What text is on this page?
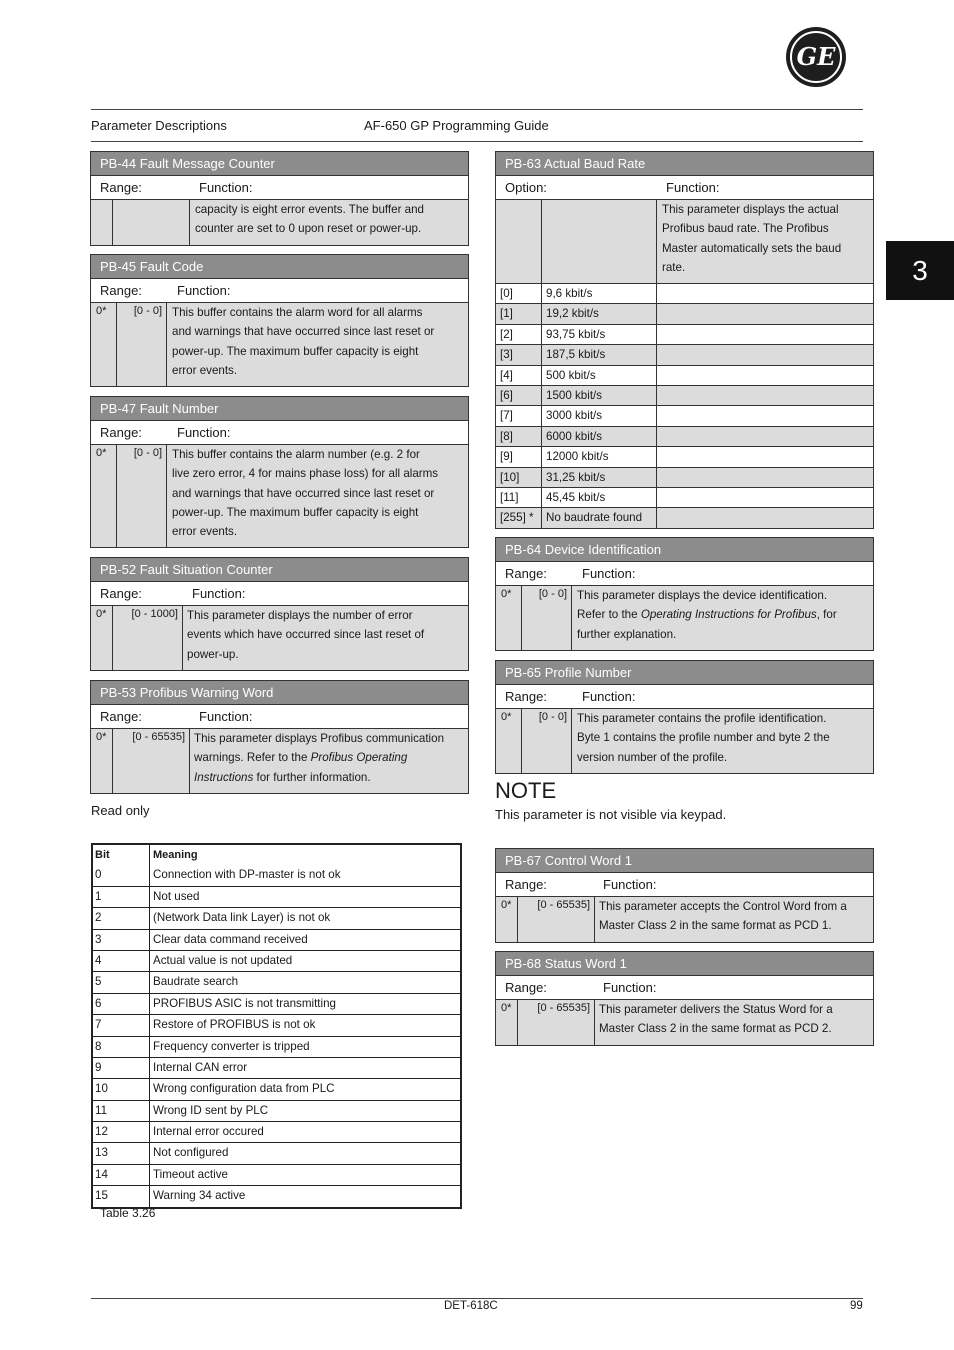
GE
Parameter Descriptions	AF-650 GP Programming Guide
3
PB-44 Fault Message Counter
Range:	Function:
capacity is eight error events. The buffer and
counter are set to 0 upon reset or power-up.
PB-45 Fault Code
Range:	Function:
0*	[0 - 0] This buffer contains the alarm word for all alarms
and warnings that have occurred since last reset or
power-up. The maximum buffer capacity is eight
error events.
PB-47 Fault Number
Range:	Function:
0*	[0 - 0] This buffer contains the alarm number (e.g. 2 for
live zero error, 4 for mains phase loss) for all alarms
and warnings that have occurred since last reset or
power-up. The maximum buffer capacity is eight
error events.
PB-52 Fault Situation Counter
Range:	Function:
0*	[0 - 1000] This parameter displays the number of error
events which have occurred since last reset of
power-up.
PB-53 Profibus Warning Word
Range:	Function:
0*	[0 - 65535] This parameter displays Profibus communication
warnings. Refer to the Profibus Operating
Instructions for further information.
Read only
Bit	Meaning
0	Connection with DP-master is not ok
1	Not used
2	(Network Data link Layer) is not ok
3	Clear data command received
4	Actual value is not updated
5	Baudrate search
6	PROFIBUS ASIC is not transmitting
7	Restore of PROFIBUS is not ok
8	Frequency converter is tripped
9	Internal CAN error
10	Wrong configuration data from PLC
11	Wrong ID sent by PLC
12	Internal error occured
13	Not configured
14	Timeout active
15	Warning 34 active
Table 3.26
PB-63 Actual Baud Rate
Option:	Function:
This parameter displays the actual
Profibus baud rate. The Profibus
Master automatically sets the baud
rate.
[0]	9,6 kbit/s
[1]	19,2 kbit/s
[2]	93,75 kbit/s
[3]	187,5 kbit/s
[4]	500 kbit/s
[6]	1500 kbit/s
[7]	3000 kbit/s
[8]	6000 kbit/s
[9]	12000 kbit/s
[10] 31,25 kbit/s
[11] 45,45 kbit/s
[255] * No baudrate found
PB-64 Device Identification
Range:	Function:
0*	[0 - 0] This parameter displays the device identification.
Refer to the Operating Instructions for Profibus, for
further explanation.
PB-65 Profile Number
Range:	Function:
0*	[0 - 0] This parameter contains the profile identification.
Byte 1 contains the profile number and byte 2 the
version number of the profile.
NOTE
This parameter is not visible via keypad.
PB-67 Control Word 1
Range:	Function:
0*	[0 - 65535] This parameter accepts the Control Word from a
Master Class 2 in the same format as PCD 1.
PB-68 Status Word 1
Range:	Function:
0*	[0 - 65535] This parameter delivers the Status Word for a
Master Class 2 in the same format as PCD 2.
DET-618C	99
